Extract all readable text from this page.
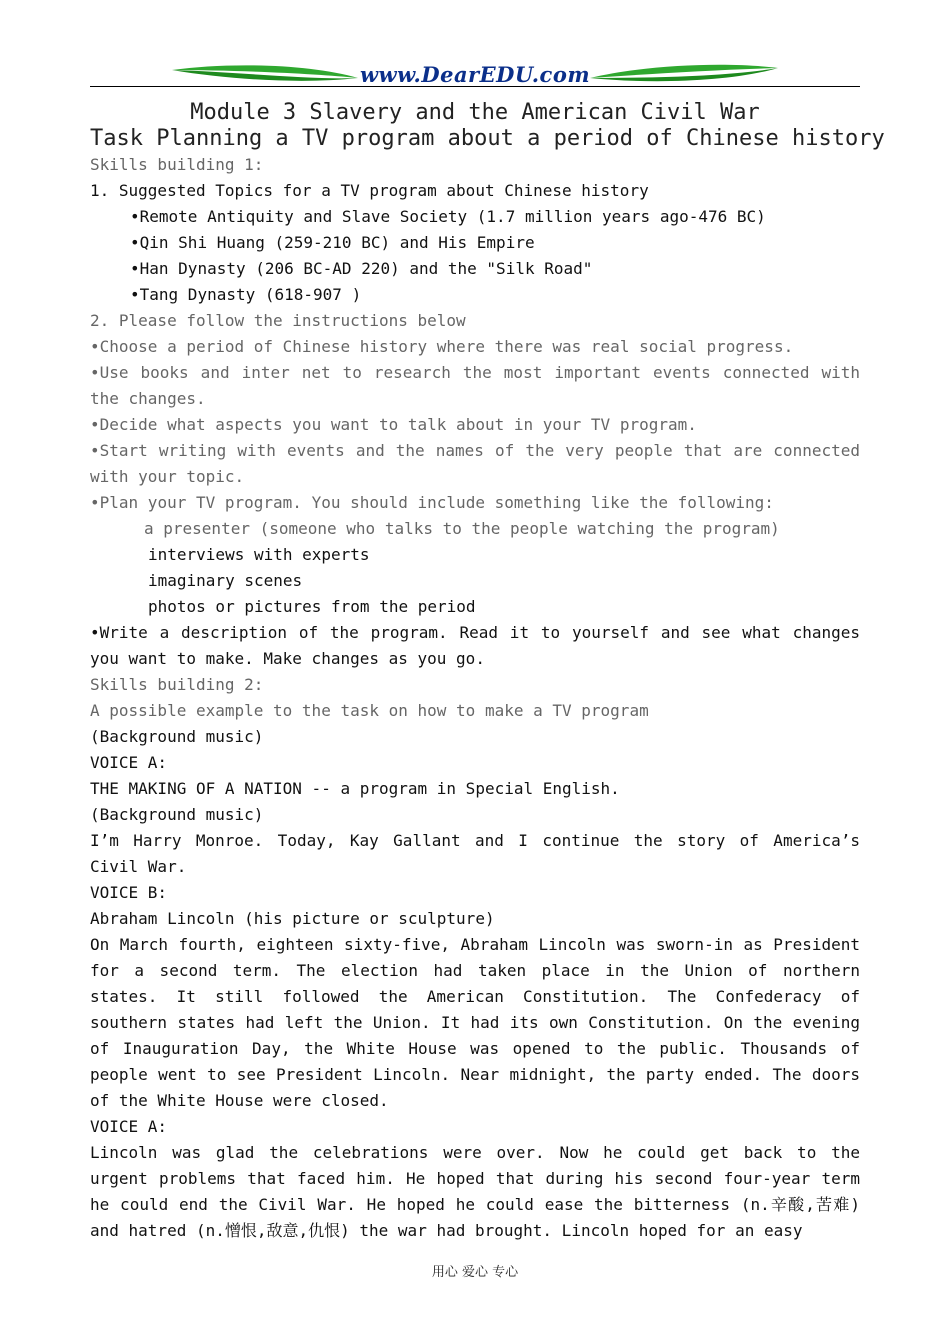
www.DearEDU.com
Module 3 Slavery and the American Civil War
Task Planning a TV program about a period of Chinese history
Skills building 1:
1. Suggested Topics for a TV program about Chinese history
•Remote Antiquity and Slave Society (1.7 million years ago-476 BC)
•Qin Shi Huang (259-210 BC) and His Empire
•Han Dynasty (206 BC-AD 220) and the "Silk Road"
•Tang Dynasty (618-907 )
2. Please follow the instructions below
•Choose a period of Chinese history where there was real social progress.
•Use books and inter net to research the most important events connected with the changes.
•Decide what aspects you want to talk about in your TV program.
•Start writing with events and the names of the very people that are connected with your topic.
•Plan your TV program. You should include something like the following:
a presenter (someone who talks to the people watching the program)
interviews with experts
imaginary scenes
photos or pictures from the period
•Write a description of the program. Read it to yourself and see what changes you want to make. Make changes as you go.
Skills building 2:
A possible example to the task on how to make a TV program
(Background music)
VOICE A:
THE MAKING OF A NATION -- a program in Special English.
(Background music)
I’m Harry Monroe. Today, Kay Gallant and I continue the story of America’s Civil War.
VOICE B:
Abraham Lincoln (his picture or sculpture)
On March fourth, eighteen sixty-five, Abraham Lincoln was sworn-in as President for a second term. The election had taken place in the Union of northern states. It still followed the American Constitution. The Confederacy of southern states had left the Union. It had its own Constitution. On the evening of Inauguration Day, the White House was opened to the public. Thousands of people went to see President Lincoln. Near midnight, the party ended. The doors of the White House were closed.
VOICE A:
Lincoln was glad the celebrations were over. Now he could get back to the urgent problems that faced him. He hoped that during his second four-year term he could end the Civil War. He hoped he could ease the bitterness (n.辛酸,苦难) and hatred (n.憎恨,敌意,仇恨) the war had brought. Lincoln hoped for an easy
用心 爱心 专心
